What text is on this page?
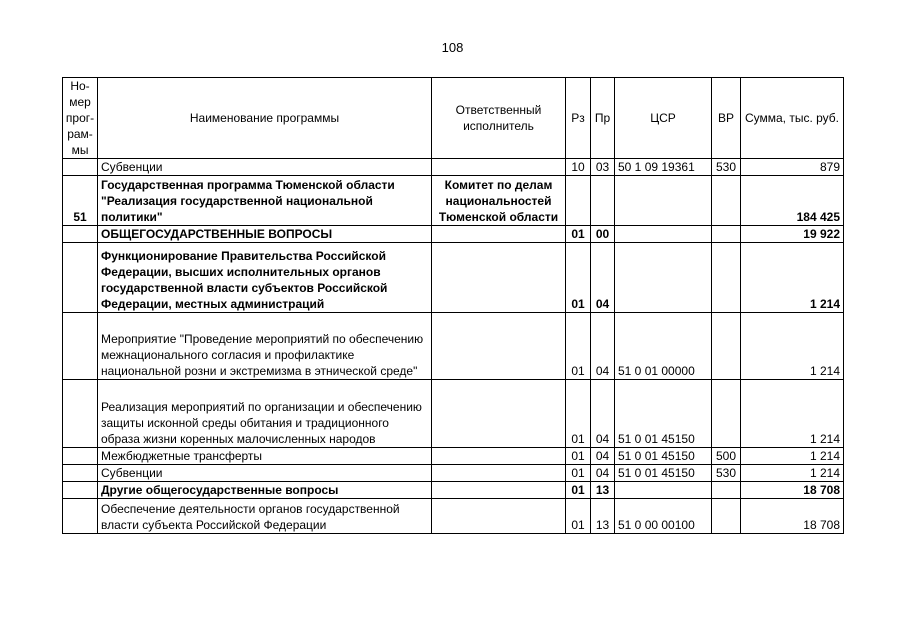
108
Но-мер прог-рам-мы	Наименование программы	Ответственный исполнитель	Рз	Пр	ЦСР	ВР	Сумма, тыс. руб.
	Субвенции		10	03	50 1 09 19361	530	879
51	Государственная программа Тюменской области "Реализация государственной национальной политики"	Комитет по делам национальностей Тюменской области					184 425
	ОБЩЕГОСУДАРСТВЕННЫЕ ВОПРОСЫ		01	00			19 922
	Функционирование Правительства Российской Федерации, высших исполнительных органов государственной власти субъектов Российской Федерации, местных администраций		01	04			1 214
	Мероприятие "Проведение мероприятий по обеспечению межнационального согласия и профилактике национальной розни и экстремизма в этнической среде"		01	04	51 0 01 00000		1 214
	Реализация мероприятий по организации и обеспечению защиты исконной среды обитания и традиционного образа жизни коренных малочисленных народов		01	04	51 0 01 45150		1 214
	Межбюджетные трансферты		01	04	51 0 01 45150	500	1 214
	Субвенции		01	04	51 0 01 45150	530	1 214
	Другие общегосударственные вопросы		01	13			18 708
	Обеспечение деятельности органов государственной власти субъекта Российской Федерации		01	13	51 0 00 00100		18 708
